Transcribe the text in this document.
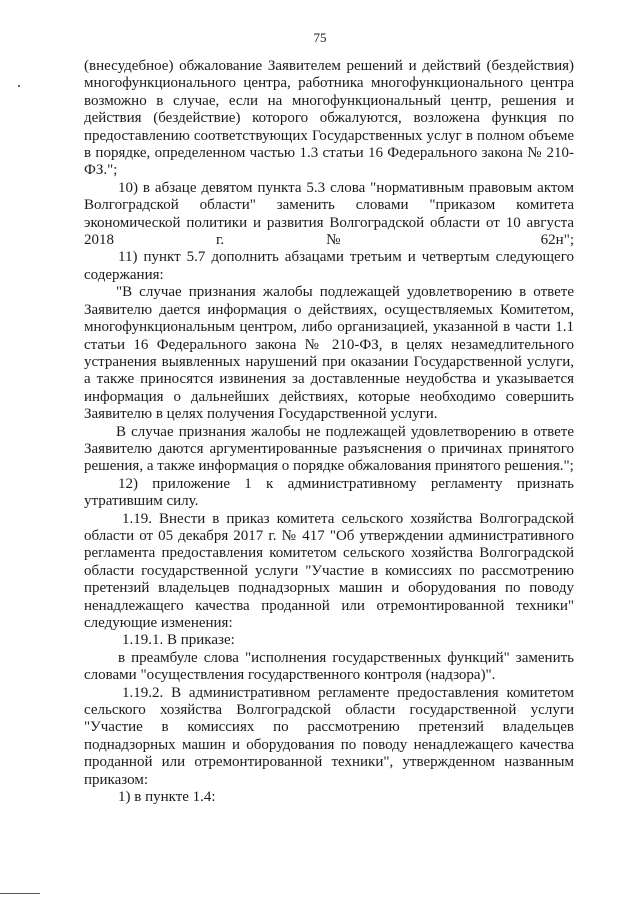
75

(внесудебное) обжалование Заявителем решений и действий (бездействия) многофункционального центра, работника многофункционального центра возможно в случае, если на многофункциональный центр, решения и действия (бездействие) которого обжалуются, возложена функция по предоставлению соответствующих Государственных услуг в полном объеме в порядке, определенном частью 1.3 статьи 16 Федерального закона № 210-ФЗ.";

10) в абзаце девятом пункта 5.3 слова "нормативным правовым актом Волгоградской области" заменить словами "приказом комитета экономической политики и развития Волгоградской области от 10 августа 2018 г. № 62н";

11) пункт 5.7 дополнить абзацами третьим и четвертым следующего содержания:

"В случае признания жалобы подлежащей удовлетворению в ответе Заявителю дается информация о действиях, осуществляемых Комитетом, многофункциональным центром, либо организацией, указанной в части 1.1 статьи 16 Федерального закона № 210-ФЗ, в целях незамедлительного устранения выявленных нарушений при оказании Государственной услуги, а также приносятся извинения за доставленные неудобства и указывается информация о дальнейших действиях, которые необходимо совершить Заявителю в целях получения Государственной услуги.

В случае признания жалобы не подлежащей удовлетворению в ответе Заявителю даются аргументированные разъяснения о причинах принятого решения, а также информация о порядке обжалования принятого решения.";

12) приложение 1 к административному регламенту признать утратившим силу.

1.19. Внести в приказ комитета сельского хозяйства Волгоградской области от 05 декабря 2017 г. № 417 "Об утверждении административного регламента предоставления комитетом сельского хозяйства Волгоградской области государственной услуги "Участие в комиссиях по рассмотрению претензий владельцев поднадзорных машин и оборудования по поводу ненадлежащего качества проданной или отремонтированной техники" следующие изменения:

1.19.1. В приказе:

в преамбуле слова "исполнения государственных функций" заменить словами "осуществления государственного контроля (надзора)".

1.19.2. В административном регламенте предоставления комитетом сельского хозяйства Волгоградской области государственной услуги "Участие в комиссиях по рассмотрению претензий владельцев поднадзорных машин и оборудования по поводу ненадлежащего качества проданной или отремонтированной техники", утвержденном названным приказом:

1) в пункте 1.4:
